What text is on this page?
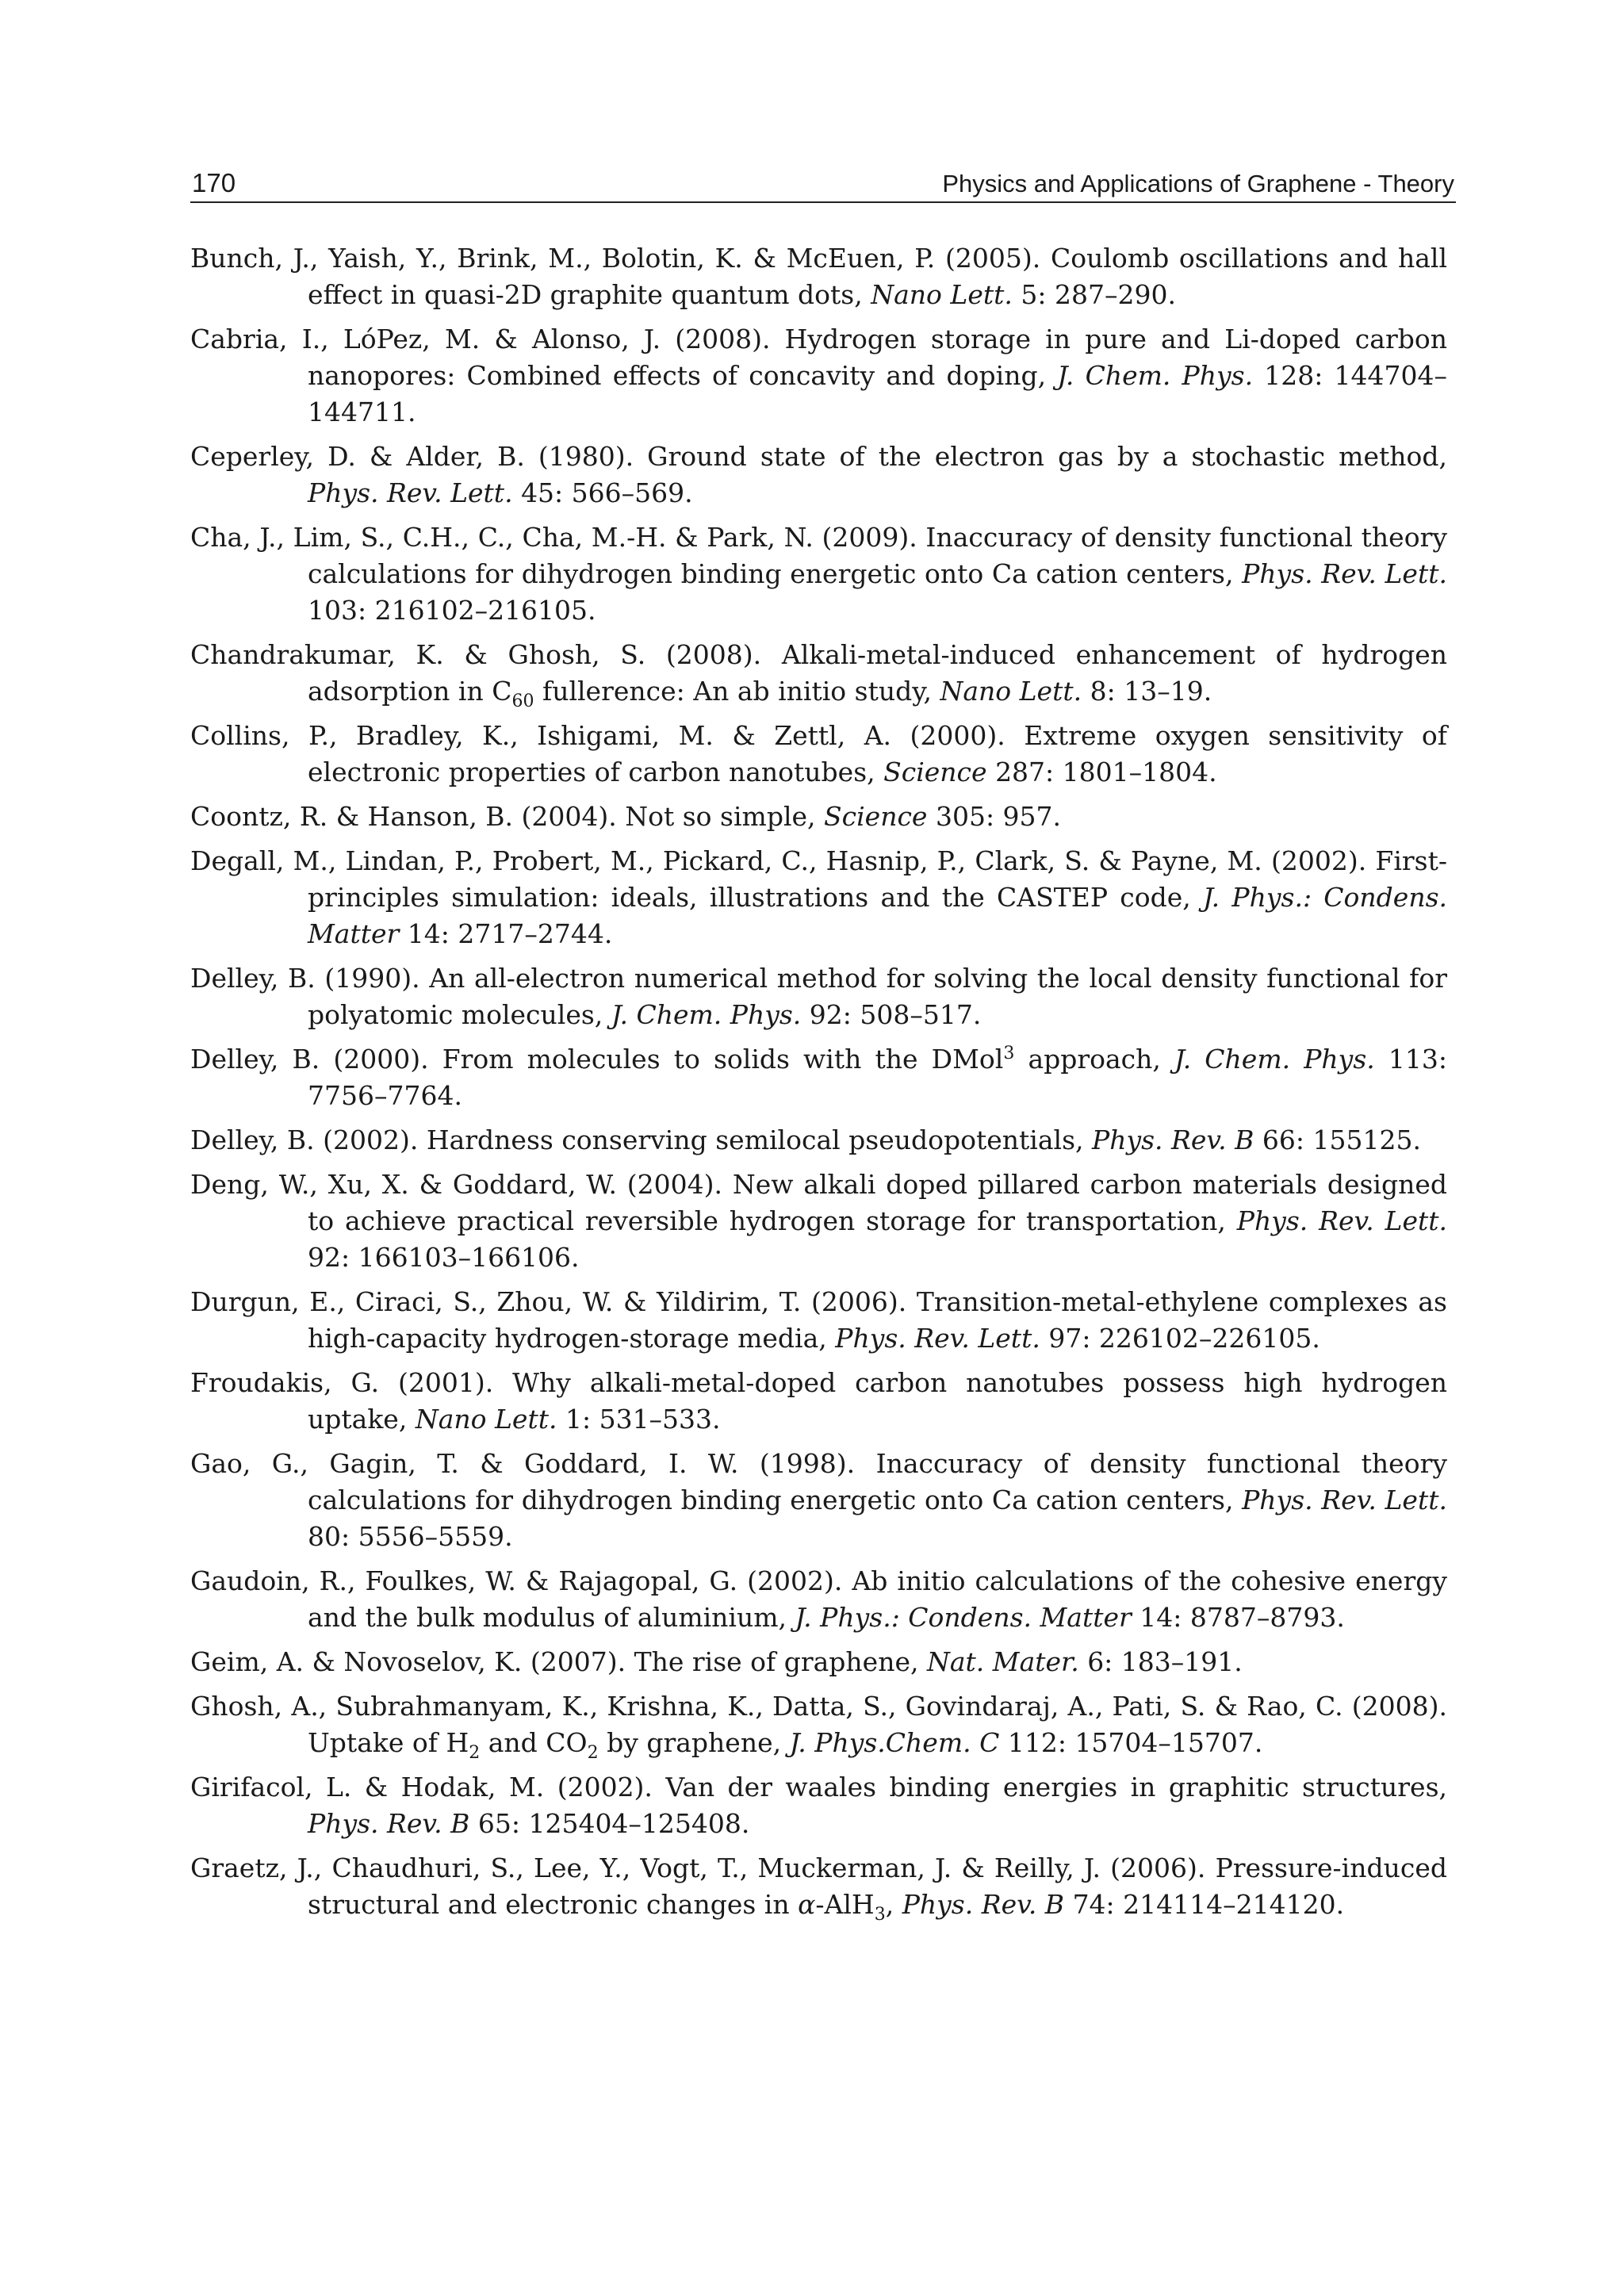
170	Physics and Applications of Graphene - Theory

Bunch, J., Yaish, Y., Brink, M., Bolotin, K. & McEuen, P. (2005). Coulomb oscillations and hall effect in quasi-2D graphite quantum dots, Nano Lett. 5: 287–290.

Cabria, I., LóPez, M. & Alonso, J. (2008). Hydrogen storage in pure and Li-doped carbon nanopores: Combined effects of concavity and doping, J. Chem. Phys. 128: 144704–144711.

Ceperley, D. & Alder, B. (1980). Ground state of the electron gas by a stochastic method, Phys. Rev. Lett. 45: 566–569.

Cha, J., Lim, S., C.H., C., Cha, M.-H. & Park, N. (2009). Inaccuracy of density functional theory calculations for dihydrogen binding energetic onto Ca cation centers, Phys. Rev. Lett. 103: 216102–216105.

Chandrakumar, K. & Ghosh, S. (2008). Alkali-metal-induced enhancement of hydrogen adsorption in $C_{60}$ fullerence: An ab initio study, Nano Lett. 8: 13–19.

Collins, P., Bradley, K., Ishigami, M. & Zettl, A. (2000). Extreme oxygen sensitivity of electronic properties of carbon nanotubes, Science 287: 1801–1804.

Coontz, R. & Hanson, B. (2004). Not so simple, Science 305: 957.

Degall, M., Lindan, P., Probert, M., Pickard, C., Hasnip, P., Clark, S. & Payne, M. (2002). First-principles simulation: ideals, illustrations and the CASTEP code, J. Phys.: Condens. Matter 14: 2717–2744.

Delley, B. (1990). An all-electron numerical method for solving the local density functional for polyatomic molecules, J. Chem. Phys. 92: 508–517.

Delley, B. (2000). From molecules to solids with the DMol$^3$ approach, J. Chem. Phys. 113: 7756–7764.

Delley, B. (2002). Hardness conserving semilocal pseudopotentials, Phys. Rev. B 66: 155125.

Deng, W., Xu, X. & Goddard, W. (2004). New alkali doped pillared carbon materials designed to achieve practical reversible hydrogen storage for transportation, Phys. Rev. Lett. 92: 166103–166106.

Durgun, E., Ciraci, S., Zhou, W. & Yildirim, T. (2006). Transition-metal-ethylene complexes as high-capacity hydrogen-storage media, Phys. Rev. Lett. 97: 226102–226105.

Froudakis, G. (2001). Why alkali-metal-doped carbon nanotubes possess high hydrogen uptake, Nano Lett. 1: 531–533.

Gao, G., Gagin, T. & Goddard, I. W. (1998). Inaccuracy of density functional theory calculations for dihydrogen binding energetic onto Ca cation centers, Phys. Rev. Lett. 80: 5556–5559.

Gaudoin, R., Foulkes, W. & Rajagopal, G. (2002). Ab initio calculations of the cohesive energy and the bulk modulus of aluminium, J. Phys.: Condens. Matter 14: 8787–8793.

Geim, A. & Novoselov, K. (2007). The rise of graphene, Nat. Mater. 6: 183–191.

Ghosh, A., Subrahmanyam, K., Krishna, K., Datta, S., Govindaraj, A., Pati, S. & Rao, C. (2008). Uptake of $H_2$ and $CO_2$ by graphene, J. Phys.Chem. C 112: 15704–15707.

Girifacol, L. & Hodak, M. (2002). Van der waales binding energies in graphitic structures, Phys. Rev. B 65: 125404–125408.

Graetz, J., Chaudhuri, S., Lee, Y., Vogt, T., Muckerman, J. & Reilly, J. (2006). Pressure-induced structural and electronic changes in α-AlH$_3$, Phys. Rev. B 74: 214114–214120.
